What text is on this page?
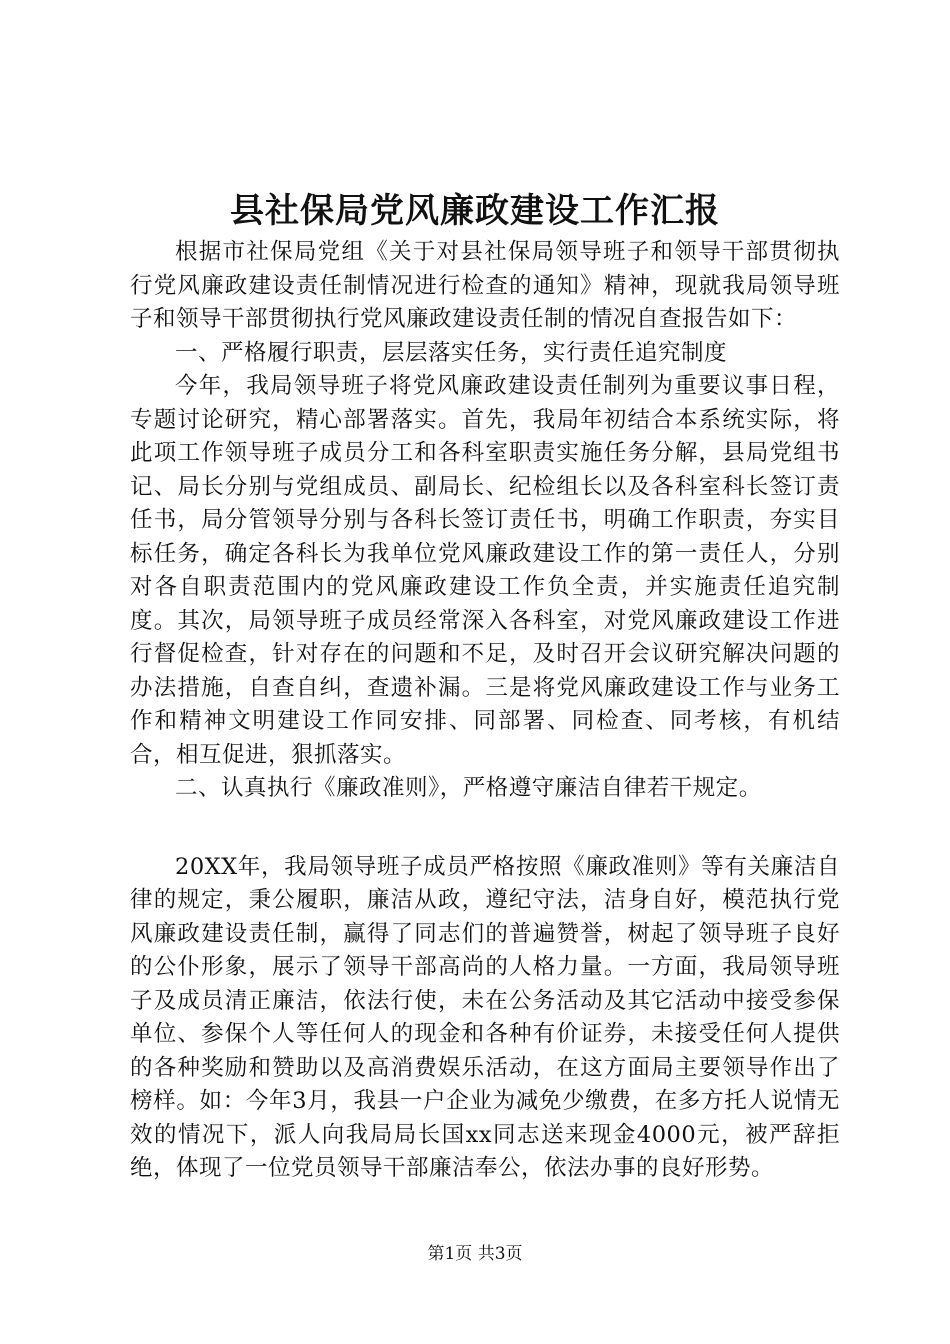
县社保局党风廉政建设工作汇报

根据市社保局党组《关于对县社保局领导班子和领导干部贯彻执行党风廉政建设责任制情况进行检查的通知》精神，现就我局领导班子和领导干部贯彻执行党风廉政建设责任制的情况自查报告如下：

一、严格履行职责，层层落实任务，实行责任追究制度

今年，我局领导班子将党风廉政建设责任制列为重要议事日程，专题讨论研究，精心部署落实。首先，我局年初结合本系统实际，将此项工作领导班子成员分工和各科室职责实施任务分解，县局党组书记、局长分别与党组成员、副局长、纪检组长以及各科室科长签订责任书，局分管领导分别与各科长签订责任书，明确工作职责，夯实目标任务，确定各科长为我单位党风廉政建设工作的第一责任人，分别对各自职责范围内的党风廉政建设工作负全责，并实施责任追究制度。其次，局领导班子成员经常深入各科室，对党风廉政建设工作进行督促检查，针对存在的问题和不足，及时召开会议研究解决问题的办法措施，自查自纠，查遗补漏。三是将党风廉政建设工作与业务工作和精神文明建设工作同安排、同部署、同检查、同考核，有机结合，相互促进，狠抓落实。

二、认真执行《廉政准则》，严格遵守廉洁自律若干规定。

20XX年，我局领导班子成员严格按照《廉政准则》等有关廉洁自律的规定，秉公履职，廉洁从政，遵纪守法，洁身自好，模范执行党风廉政建设责任制，赢得了同志们的普遍赞誉，树起了领导班子良好的公仆形象，展示了领导干部高尚的人格力量。一方面，我局领导班子及成员清正廉洁，依法行使，未在公务活动及其它活动中接受参保单位、参保个人等任何人的现金和各种有价证券，未接受任何人提供的各种奖励和赞助以及高消费娱乐活动，在这方面局主要领导作出了榜样。如：今年3月，我县一户企业为减免少缴费，在多方托人说情无效的情况下，派人向我局局长国xx同志送来现金4000元，被严辞拒绝，体现了一位党员领导干部廉洁奉公，依法办事的良好形势。

第1页 共3页
